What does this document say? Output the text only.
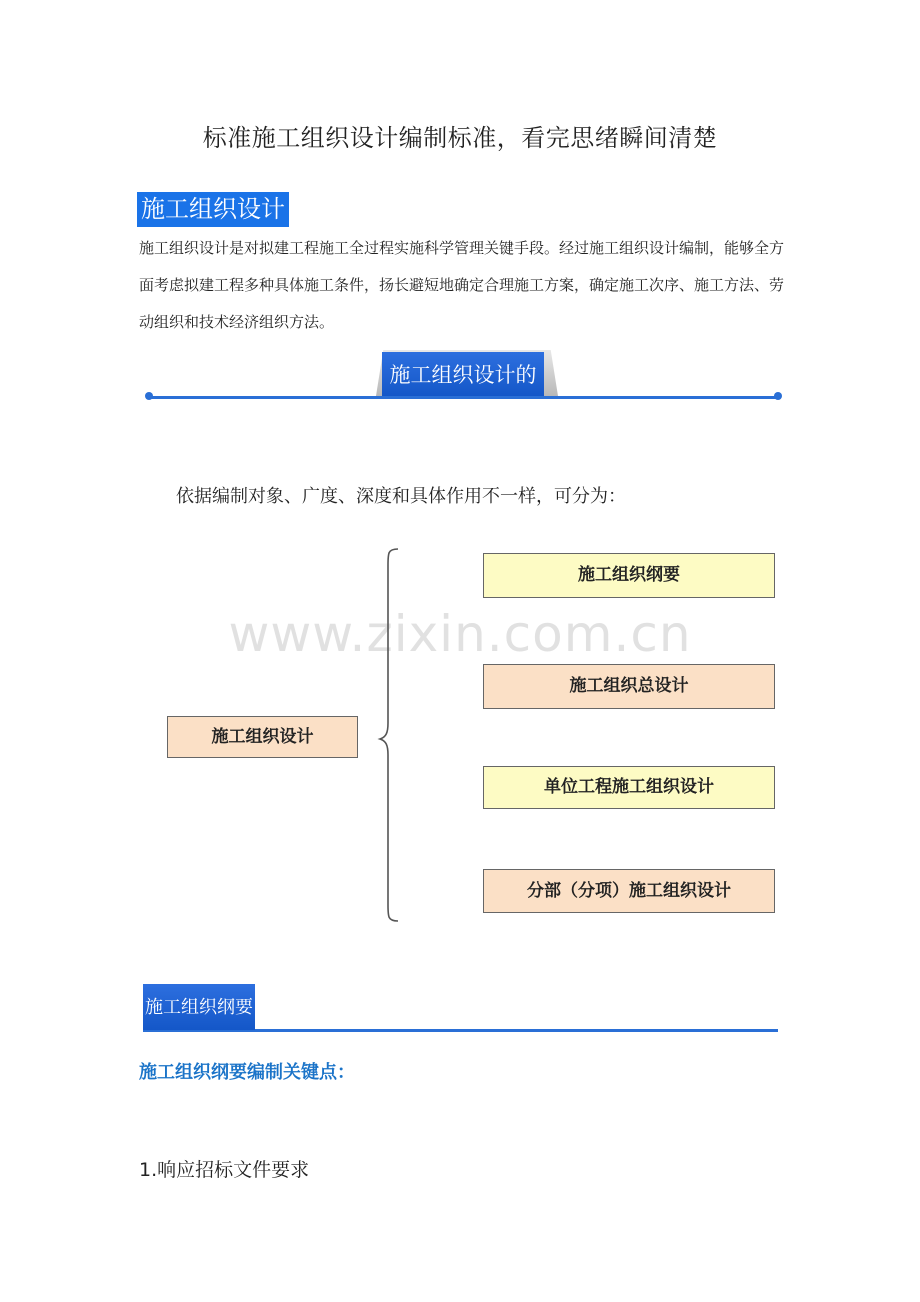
标准施工组织设计编制标准，看完思绪瞬间清楚
施工组织设计
施工组织设计是对拟建工程施工全过程实施科学管理关键手段。经过施工组织设计编制，能够全方面考虑拟建工程多种具体施工条件，扬长避短地确定合理施工方案，确定施工次序、施工方法、劳动组织和技术经济组织方法。
施工组织设计的分类
依据编制对象、广度、深度和具体作用不一样，可分为：
www.zixin.com.cn
施工组织设计
施工组织纲要
施工组织总设计
单位工程施工组织设计
分部（分项）施工组织设计
施工组织纲要
施工组织纲要编制关键点：
1.响应招标文件要求
